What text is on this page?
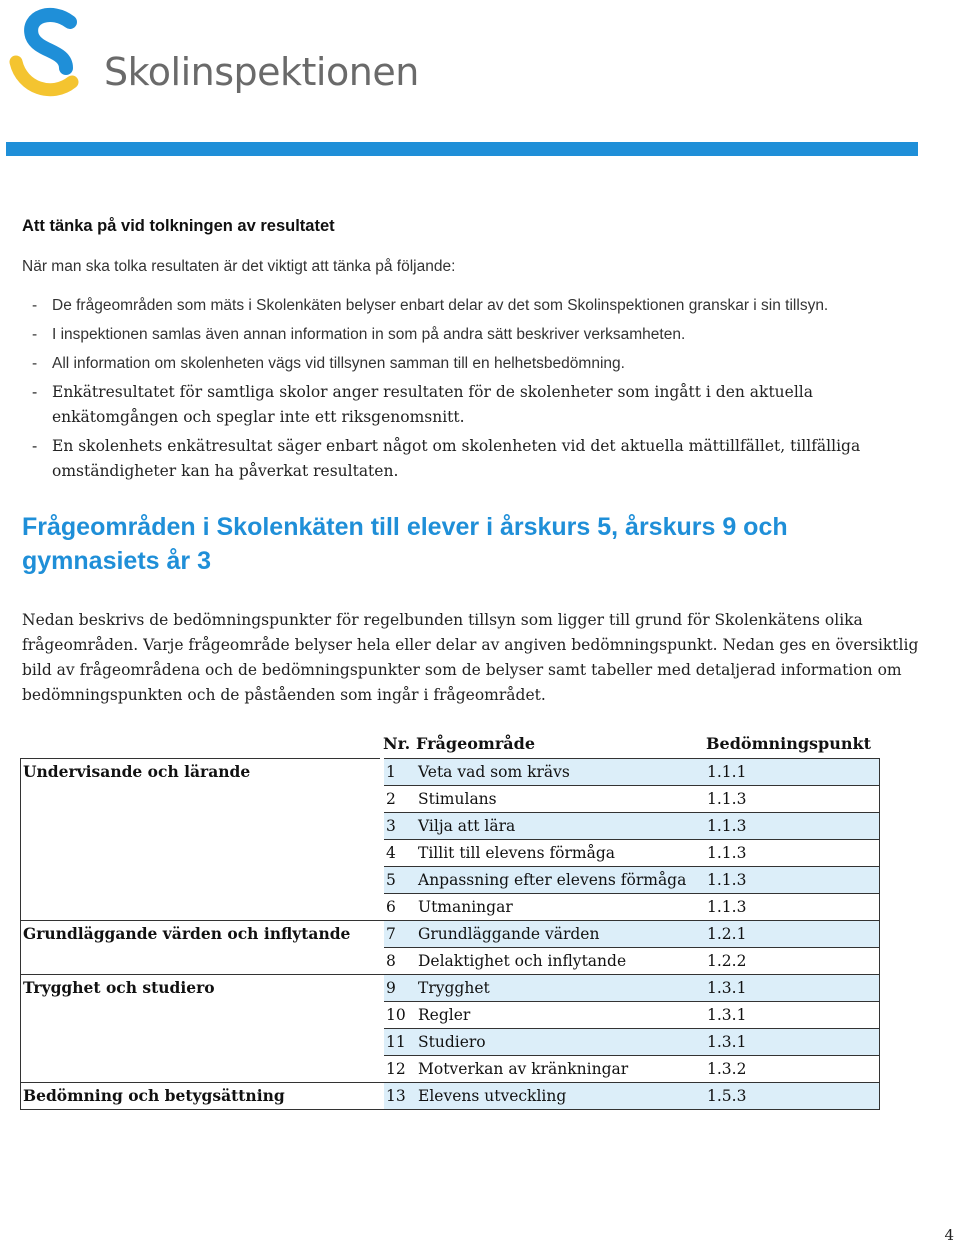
Skolinspektionen
Att tänka på vid tolkningen av resultatet
När man ska tolka resultaten är det viktigt att tänka på följande:
- De frågeområden som mäts i Skolenkäten belyser enbart delar av det som Skolinspektionen granskar i sin tillsyn.
- I inspektionen samlas även annan information in som på andra sätt beskriver verksamheten.
- All information om skolenheten vägs vid tillsynen samman till en helhetsbedömning.
- Enkätresultatet för samtliga skolor anger resultaten för de skolenheter som ingått i den aktuella enkätomgången och speglar inte ett riksgenomsnitt.
- En skolenhets enkätresultat säger enbart något om skolenheten vid det aktuella mättillfället, tillfälliga omständigheter kan ha påverkat resultaten.
Frågeområden i Skolenkäten till elever i årskurs 5, årskurs 9 och gymnasiets år 3
Nedan beskrivs de bedömningspunkter för regelbunden tillsyn som ligger till grund för Skolenkätens olika frågeområden. Varje frågeområde belyser hela eller delar av angiven bedömningspunkt. Nedan ges en översiktlig bild av frågeområdena och de bedömningspunkter som de belyser samt tabeller med detaljerad information om bedömningspunkten och de påståenden som ingår i frågeområdet.
Nr. Frågeområde	Bedömningspunkt
Undervisande och lärande		1	Veta vad som krävs	1.1.1
		2	Stimulans	1.1.3
		3	Vilja att lära	1.1.3
		4	Tillit till elevens förmåga	1.1.3
		5	Anpassning efter elevens förmåga	1.1.3
		6	Utmaningar	1.1.3
Grundläggande värden och inflytande		7	Grundläggande värden	1.2.1
		8	Delaktighet och inflytande	1.2.2
Trygghet och studiero		9	Trygghet	1.3.1
		10	Regler	1.3.1
		11	Studiero	1.3.1
		12	Motverkan av kränkningar	1.3.2
Bedömning och betygsättning		13	Elevens utveckling	1.5.3
4
